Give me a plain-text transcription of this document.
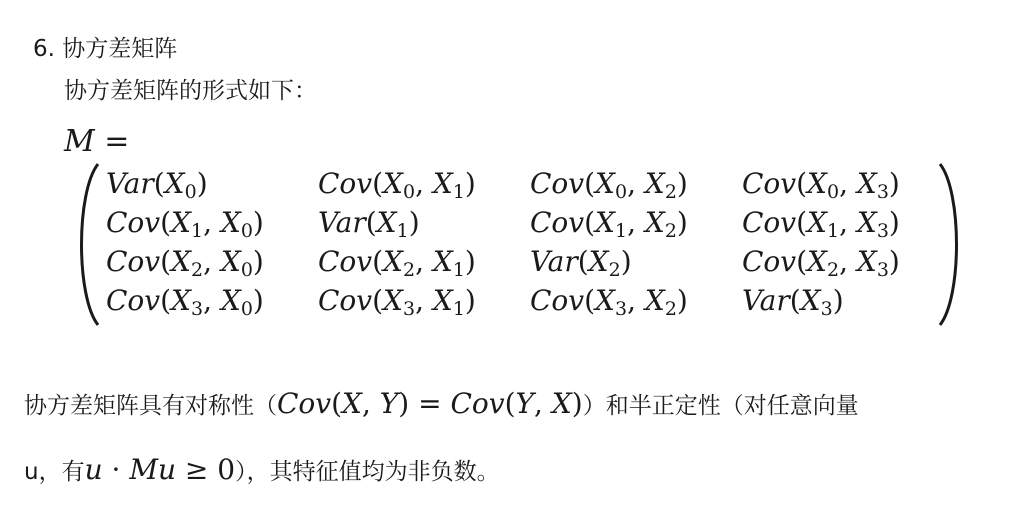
6. 协方差矩阵
协方差矩阵的形式如下：
M =
$Var(X_0)$	$Cov(X_0$, $X_1$)	$Cov(X_0$, $X_2$)	$Cov(X_0$, $X_3$)
$Cov(X_1$, $X_0$)	$Var(X_1)$	$Cov(X_1$, $X_2$)	$Cov(X_1$, $X_3$)
$Cov(X_2$, $X_0$)	$Cov(X_2$, $X_1$)	$Var(X_2)$	$Cov(X_2$, $X_3$)
$Cov(X_3$, $X_0$)	$Cov(X_3$, $X_1$)	$Cov(X_3$, $X_2$)	$Var(X_3)$
协方差矩阵具有对称性（Cov(X, Y) = Cov(Y, X)）和半正定性（对任意向量
u，有u · Mu ≥ 0），其特征值均为非负数。
